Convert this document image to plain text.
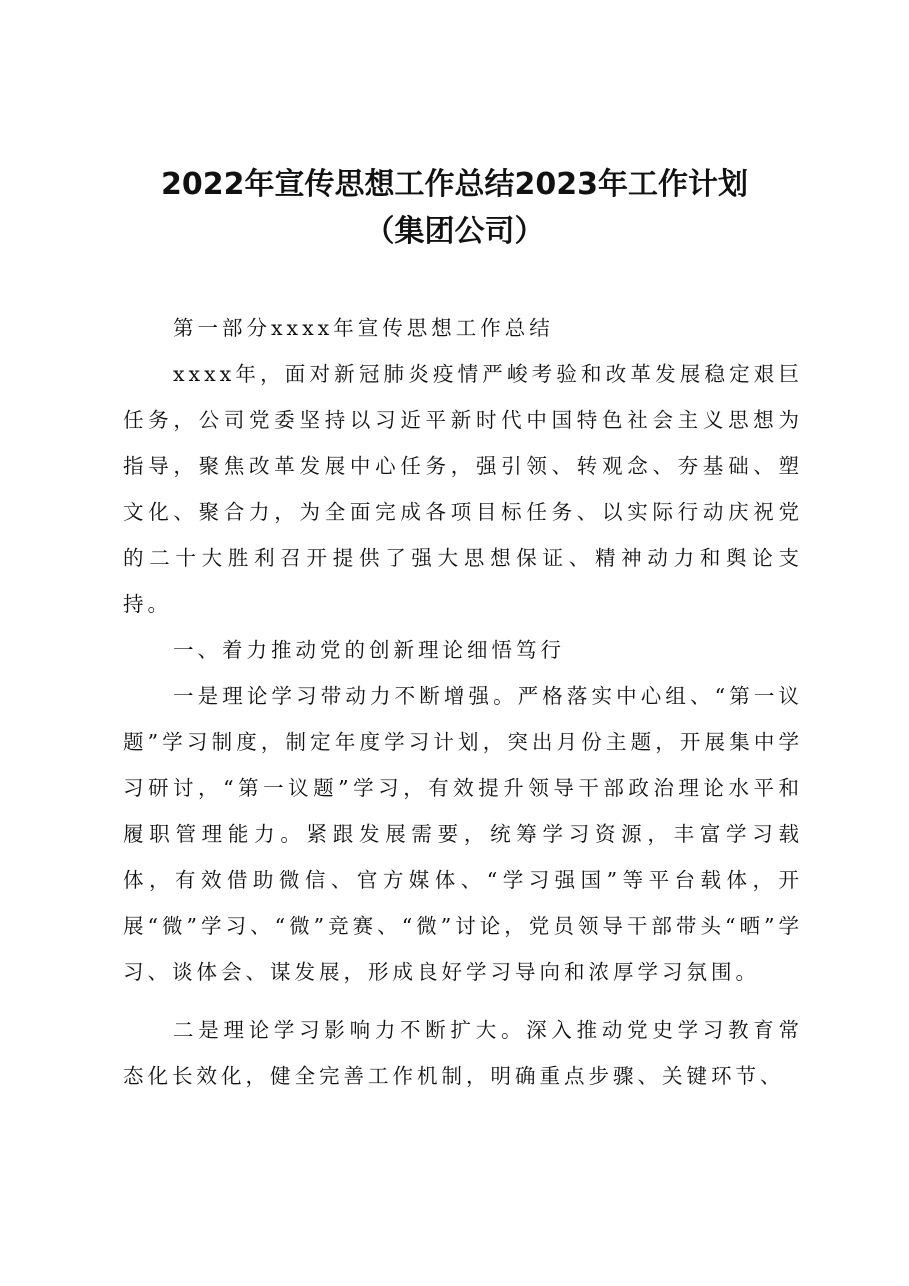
2022年宣传思想工作总结2023年工作计划
（集团公司）

第一部分xxxx年宣传思想工作总结

xxxx年，面对新冠肺炎疫情严峻考验和改革发展稳定艰巨任务，公司党委坚持以习近平新时代中国特色社会主义思想为指导，聚焦改革发展中心任务，强引领、转观念、夯基础、塑文化、聚合力，为全面完成各项目标任务、以实际行动庆祝党的二十大胜利召开提供了强大思想保证、精神动力和舆论支持。

一、着力推动党的创新理论细悟笃行

一是理论学习带动力不断增强。严格落实中心组、“第一议题”学习制度，制定年度学习计划，突出月份主题，开展集中学习研讨，“第一议题”学习，有效提升领导干部政治理论水平和履职管理能力。紧跟发展需要，统筹学习资源，丰富学习载体，有效借助微信、官方媒体、“学习强国”等平台载体，开展“微”学习、“微”竞赛、“微”讨论，党员领导干部带头“晒”学习、谈体会、谋发展，形成良好学习导向和浓厚学习氛围。

二是理论学习影响力不断扩大。深入推动党史学习教育常态化长效化，健全完善工作机制，明确重点步骤、关键环节、
